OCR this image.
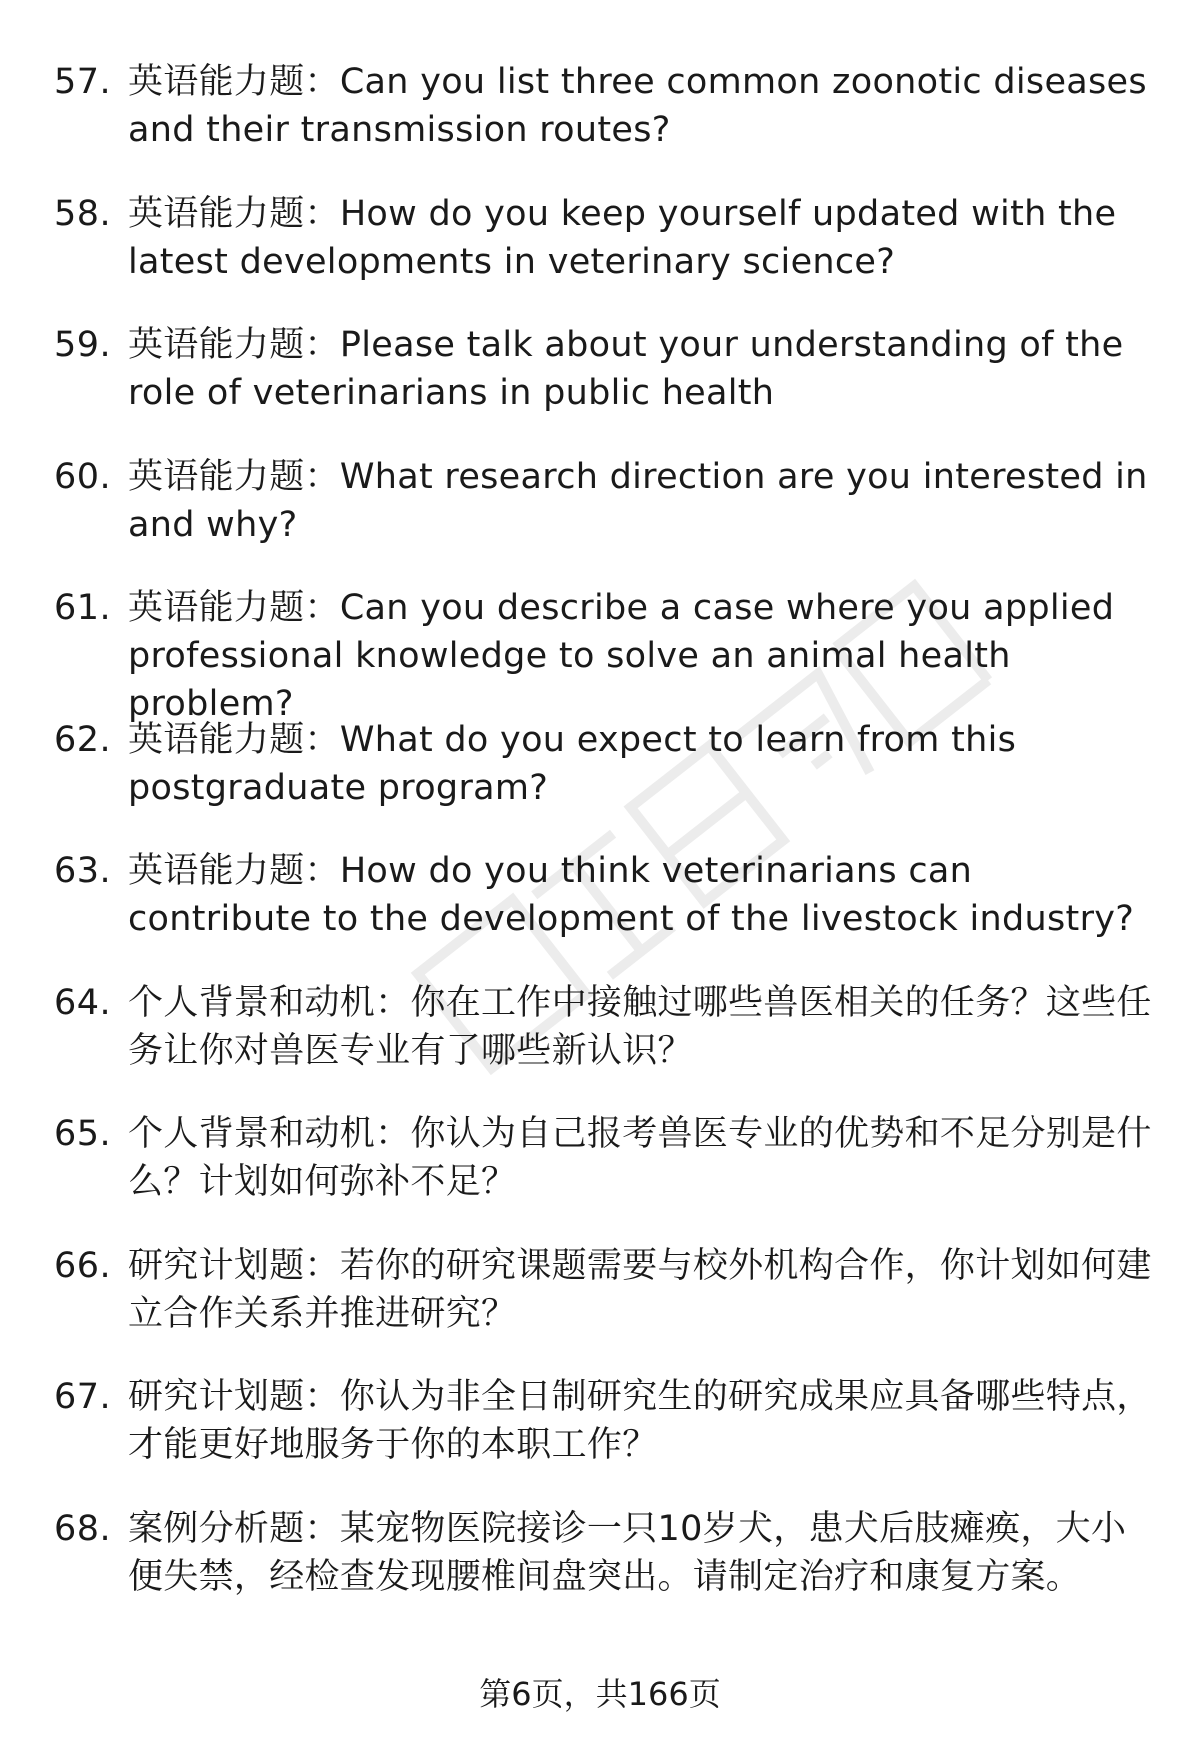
57. 英语能力题：Can you list three common zoonotic diseases and their transmission routes?
58. 英语能力题：How do you keep yourself updated with the latest developments in veterinary science?
59. 英语能力题：Please talk about your understanding of the role of veterinarians in public health
60. 英语能力题：What research direction are you interested in and why?
61. 英语能力题：Can you describe a case where you applied professional knowledge to solve an animal health problem?
62. 英语能力题：What do you expect to learn from this postgraduate program?
63. 英语能力题：How do you think veterinarians can contribute to the development of the livestock industry?
64. 个人背景和动机：你在工作中接触过哪些兽医相关的任务？这些任务让你对兽医专业有了哪些新认识？
65. 个人背景和动机：你认为自己报考兽医专业的优势和不足分别是什么？计划如何弥补不足？
66. 研究计划题：若你的研究课题需要与校外机构合作，你计划如何建立合作关系并推进研究？
67. 研究计划题：你认为非全日制研究生的研究成果应具备哪些特点，才能更好地服务于你的本职工作？
68. 案例分析题：某宠物医院接诊一只10岁犬，患犬后肢瘫痪，大小便失禁，经检查发现腰椎间盘突出。请制定治疗和康复方案。
第6页，共166页
